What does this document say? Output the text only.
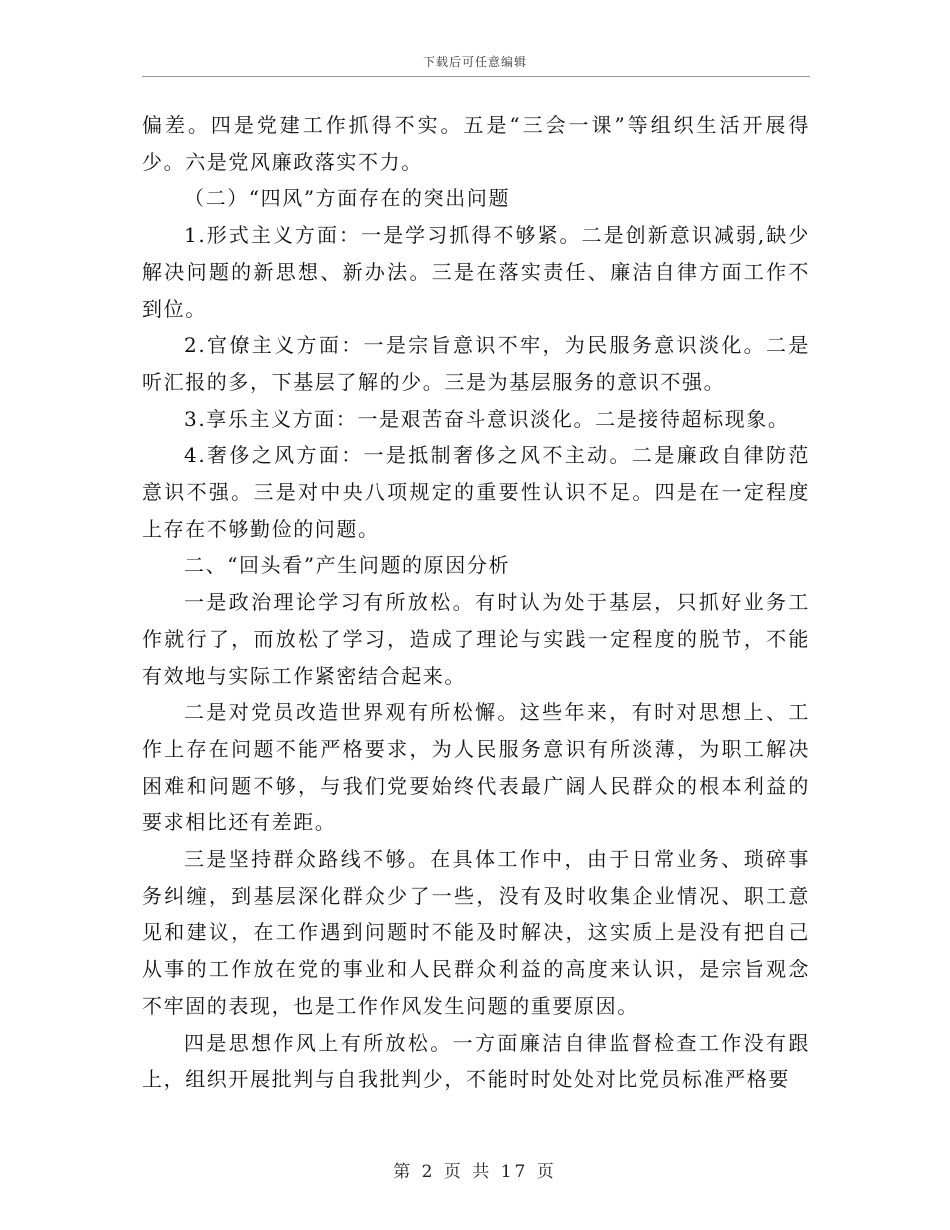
下载后可任意编辑

偏差。四是党建工作抓得不实。五是“三会一课”等组织生活开展得少。六是党风廉政落实不力。

（二）“四风”方面存在的突出问题

1.形式主义方面：一是学习抓得不够紧。二是创新意识减弱,缺少解决问题的新思想、新办法。三是在落实责任、廉洁自律方面工作不到位。

2.官僚主义方面：一是宗旨意识不牢，为民服务意识淡化。二是听汇报的多，下基层了解的少。三是为基层服务的意识不强。

3.享乐主义方面：一是艰苦奋斗意识淡化。二是接待超标现象。

4.奢侈之风方面：一是抵制奢侈之风不主动。二是廉政自律防范意识不强。三是对中央八项规定的重要性认识不足。四是在一定程度上存在不够勤俭的问题。

二、“回头看”产生问题的原因分析

一是政治理论学习有所放松。有时认为处于基层，只抓好业务工作就行了，而放松了学习，造成了理论与实践一定程度的脱节，不能有效地与实际工作紧密结合起来。

二是对党员改造世界观有所松懈。这些年来，有时对思想上、工作上存在问题不能严格要求，为人民服务意识有所淡薄，为职工解决困难和问题不够，与我们党要始终代表最广阔人民群众的根本利益的要求相比还有差距。

三是坚持群众路线不够。在具体工作中，由于日常业务、琐碎事务纠缠，到基层深化群众少了一些，没有及时收集企业情况、职工意见和建议，在工作遇到问题时不能及时解决，这实质上是没有把自己从事的工作放在党的事业和人民群众利益的高度来认识，是宗旨观念不牢固的表现，也是工作作风发生问题的重要原因。

四是思想作风上有所放松。一方面廉洁自律监督检查工作没有跟上，组织开展批判与自我批判少，不能时时处处对比党员标准严格要

第 2 页 共 17 页
